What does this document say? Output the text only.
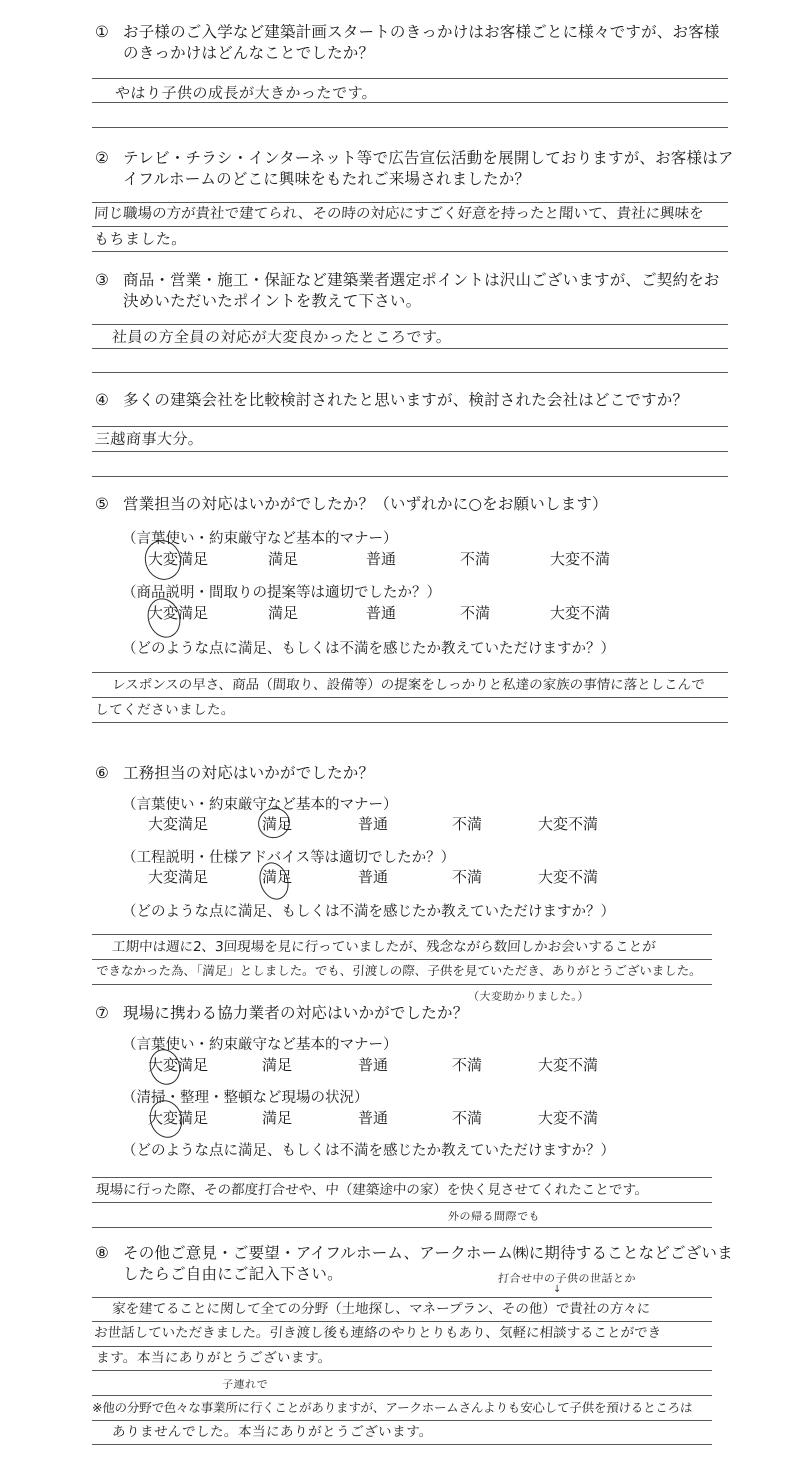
① お子様のご入学など建築計画スタートのきっかけはお客様ごとに様々ですが、お客様のきっかけはどんなことでしたか？
やはり子供の成長が大きかったです。
② テレビ・チラシ・インターネット等で広告宣伝活動を展開しておりますが、お客様はアイフルホームのどこに興味をもたれご来場されましたか？
同じ職場の方が貴社で建てられ、その時の対応にすごく好意を持ったと聞いて、貴社に興味を
もちました。
③ 商品・営業・施工・保証など建築業者選定ポイントは沢山ございますが、ご契約をお決めいただいたポイントを教えて下さい。
社員の方全員の対応が大変良かったところです。
④ 多くの建築会社を比較検討されたと思いますが、検討された会社はどこですか？
三越商事大分。
⑤ 営業担当の対応はいかがでしたか？（いずれかに○をお願いします）
（言葉使い・約束厳守など基本的マナー）
大変満足	満足	普通	不満	大変不満
（商品説明・間取りの提案等は適切でしたか？）
大変満足	満足	普通	不満	大変不満
（どのような点に満足、もしくは不満を感じたか教えていただけますか？）
レスポンスの早さ、商品（間取り、設備等）の提案をしっかりと私達の家族の事情に落としこんで
してくださいました。
⑥ 工務担当の対応はいかがでしたか？
（言葉使い・約束厳守など基本的マナー）
大変満足	満足	普通	不満	大変不満
（工程説明・仕様アドバイス等は適切でしたか？）
大変満足	満足	普通	不満	大変不満
（どのような点に満足、もしくは不満を感じたか教えていただけますか？）
工期中は週に2、3回現場を見に行っていましたが、残念ながら数回しかお会いすることが
できなかった為、「満足」としました。でも、引渡しの際、子供を見ていただき、ありがとうございました。
（大変助かりました。）
⑦ 現場に携わる協力業者の対応はいかがでしたか？
（言葉使い・約束厳守など基本的マナー）
大変満足	満足	普通	不満	大変不満
（清掃・整理・整頓など現場の状況）
大変満足	満足	普通	不満	大変不満
（どのような点に満足、もしくは不満を感じたか教えていただけますか？）
現場に行った際、その都度打合せや、中（建築途中の家）を快く見させてくれたことです。
外の帰る間際でも
⑧ その他ご意見・ご要望・アイフルホーム、アークホーム㈱に期待することなどございましたらご自由にご記入下さい。	打合せ中の子供の世話とか
↓
家を建てることに関して全ての分野（土地探し、マネープラン、その他）で貴社の方々に
お世話していただきました。引き渡し後も連絡のやりとりもあり、気軽に相談することができ
ます。本当にありがとうございます。
子連れで
※他の分野で色々な事業所に行くことがありますが、アークホームさんよりも安心して子供を預けるところは
ありませんでした。本当にありがとうございます。
